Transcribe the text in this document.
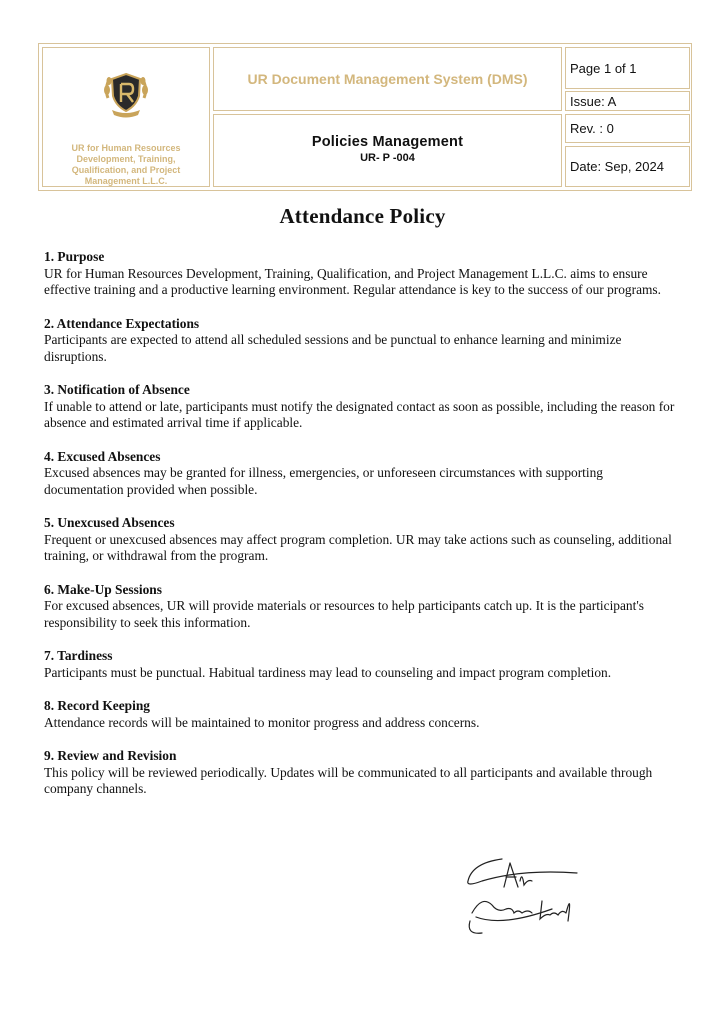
UR for Human Resources Development, Training, Qualification, and Project Management L.L.C.
UR Document Management System (DMS)
Policies Management
UR- P -004
Page 1 of 1
Issue: A
Rev. : 0
Date: Sep, 2024
Attendance Policy
1. Purpose

UR for Human Resources Development, Training, Qualification, and Project Management L.L.C. aims to ensure effective training and a productive learning environment. Regular attendance is key to the success of our programs.

2. Attendance Expectations

Participants are expected to attend all scheduled sessions and be punctual to enhance learning and minimize disruptions.

3. Notification of Absence

If unable to attend or late, participants must notify the designated contact as soon as possible, including the reason for absence and estimated arrival time if applicable.

4. Excused Absences

Excused absences may be granted for illness, emergencies, or unforeseen circumstances with supporting documentation provided when possible.

5. Unexcused Absences

Frequent or unexcused absences may affect program completion. UR may take actions such as counseling, additional training, or withdrawal from the program.

6. Make-Up Sessions

For excused absences, UR will provide materials or resources to help participants catch up. It is the participant's responsibility to seek this information.

7. Tardiness

Participants must be punctual. Habitual tardiness may lead to counseling and impact program completion.

8. Record Keeping

Attendance records will be maintained to monitor progress and address concerns.

9. Review and Revision

This policy will be reviewed periodically. Updates will be communicated to all participants and available through company channels.
